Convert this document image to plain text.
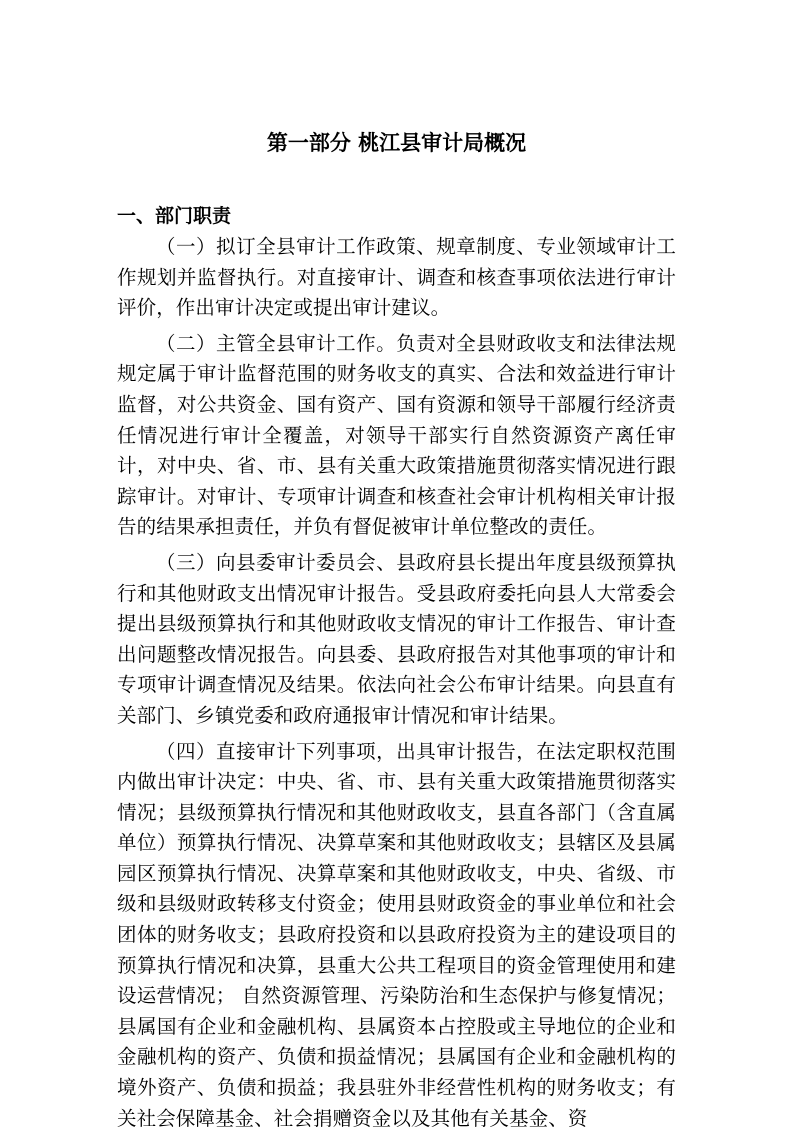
第一部分 桃江县审计局概况
一、部门职责

（一）拟订全县审计工作政策、规章制度、专业领域审计工作规划并监督执行。对直接审计、调查和核查事项依法进行审计评价，作出审计决定或提出审计建议。

（二）主管全县审计工作。负责对全县财政收支和法律法规规定属于审计监督范围的财务收支的真实、合法和效益进行审计监督，对公共资金、国有资产、国有资源和领导干部履行经济责任情况进行审计全覆盖，对领导干部实行自然资源资产离任审计，对中央、省、市、县有关重大政策措施贯彻落实情况进行跟踪审计。对审计、专项审计调查和核查社会审计机构相关审计报告的结果承担责任，并负有督促被审计单位整改的责任。

（三）向县委审计委员会、县政府县长提出年度县级预算执行和其他财政支出情况审计报告。受县政府委托向县人大常委会提出县级预算执行和其他财政收支情况的审计工作报告、审计查出问题整改情况报告。向县委、县政府报告对其他事项的审计和专项审计调查情况及结果。依法向社会公布审计结果。向县直有关部门、乡镇党委和政府通报审计情况和审计结果。

（四）直接审计下列事项，出具审计报告，在法定职权范围内做出审计决定：中央、省、市、县有关重大政策措施贯彻落实情况；县级预算执行情况和其他财政收支，县直各部门（含直属单位）预算执行情况、决算草案和其他财政收支；县辖区及县属园区预算执行情况、决算草案和其他财政收支，中央、省级、市级和县级财政转移支付资金；使用县财政资金的事业单位和社会团体的财务收支；县政府投资和以县政府投资为主的建设项目的预算执行情况和决算，县重大公共工程项目的资金管理使用和建设运营情况； 自然资源管理、污染防治和生态保护与修复情况；县属国有企业和金融机构、县属资本占控股或主导地位的企业和金融机构的资产、负债和损益情况；县属国有企业和金融机构的境外资产、负债和损益；我县驻外非经营性机构的财务收支；有关社会保障基金、社会捐赠资金以及其他有关基金、资
